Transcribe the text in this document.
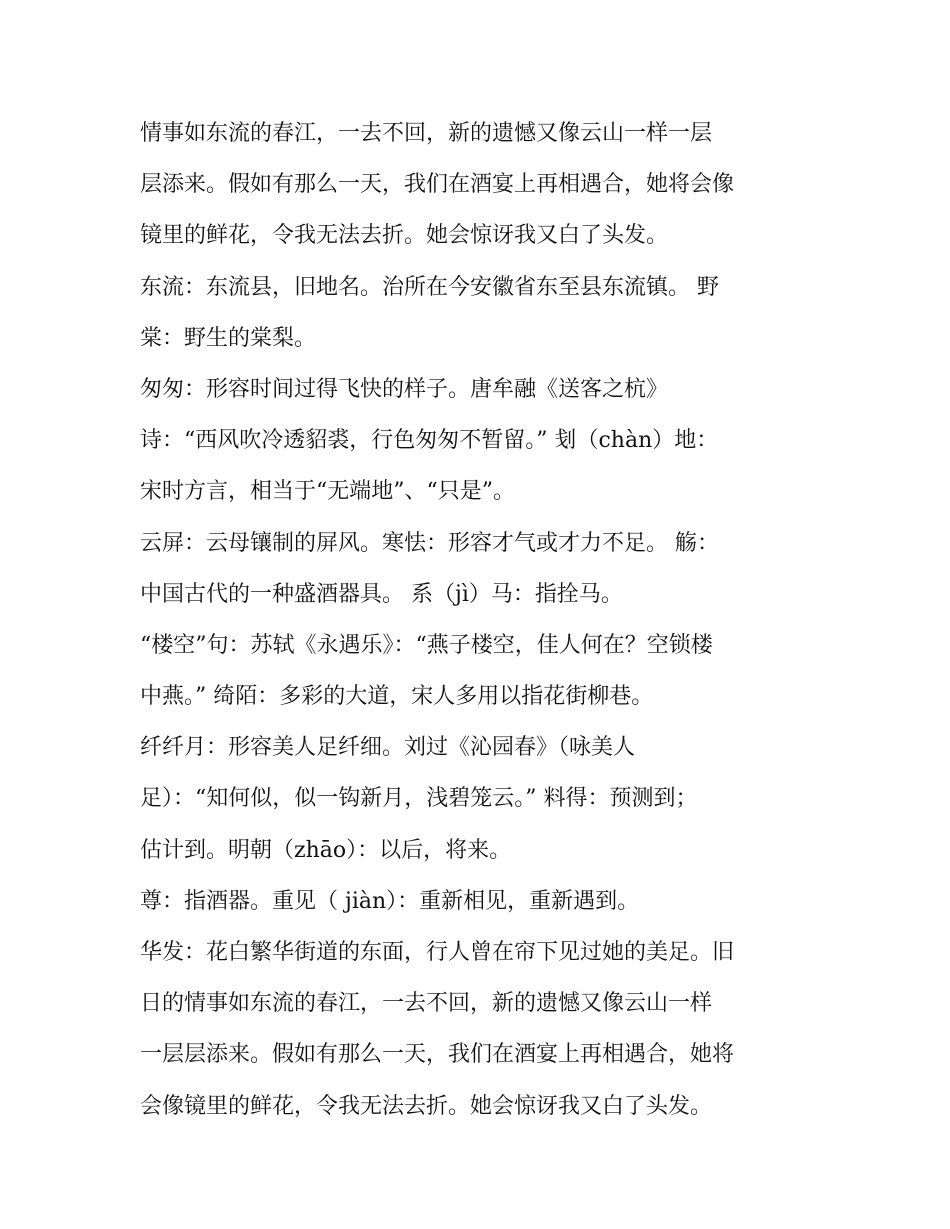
情事如东流的春江，一去不回，新的遗憾又像云山一样一层
层添来。假如有那么一天，我们在酒宴上再相遇合，她将会像
镜里的鲜花，令我无法去折。她会惊讶我又白了头发。
东流：东流县，旧地名。治所在今安徽省东至县东流镇。 野
棠：野生的棠梨。
匆匆：形容时间过得飞快的样子。唐牟融《送客之杭》
诗：“西风吹冷透貂裘，行色匆匆不暂留。” 刬（chàn）地：
宋时方言，相当于“无端地”、“只是”。
云屏：云母镶制的屏风。寒怯：形容才气或才力不足。 觞：
中国古代的一种盛酒器具。 系（jì）马：指拴马。
“楼空”句：苏轼《永遇乐》：“燕子楼空，佳人何在？空锁楼
中燕。” 绮陌：多彩的大道，宋人多用以指花街柳巷。
纤纤月：形容美人足纤细。刘过《沁园春》（咏美人
足）：“知何似，似一钩新月，浅碧笼云。” 料得：预测到；
估计到。明朝（zhāo）：以后，将来。
尊：指酒器。重见（ jiàn）：重新相见，重新遇到。
华发：花白繁华街道的东面，行人曾在帘下见过她的美足。旧
日的情事如东流的春江，一去不回，新的遗憾又像云山一样
一层层添来。假如有那么一天，我们在酒宴上再相遇合，她将
会像镜里的鲜花，令我无法去折。她会惊讶我又白了头发。
